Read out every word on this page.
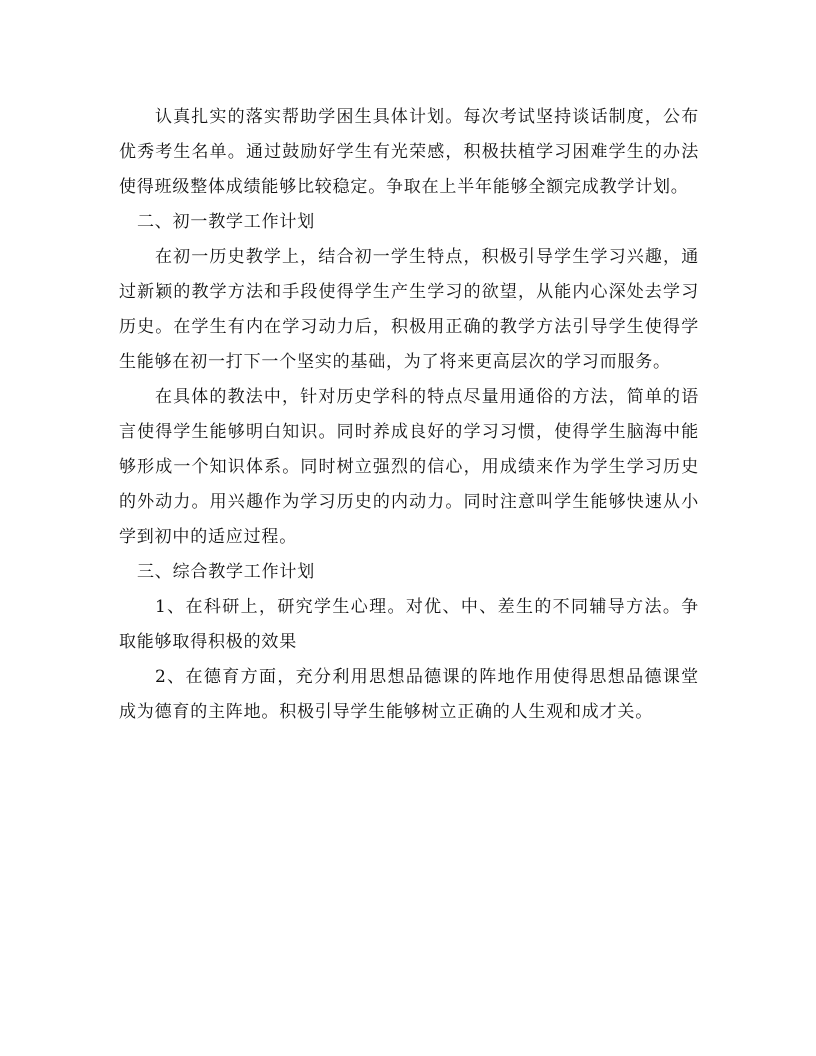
认真扎实的落实帮助学困生具体计划。每次考试坚持谈话制度，公布优秀考生名单。通过鼓励好学生有光荣感，积极扶植学习困难学生的办法使得班级整体成绩能够比较稳定。争取在上半年能够全额完成教学计划。

二、初一教学工作计划

在初一历史教学上，结合初一学生特点，积极引导学生学习兴趣，通过新颖的教学方法和手段使得学生产生学习的欲望，从能内心深处去学习历史。在学生有内在学习动力后，积极用正确的教学方法引导学生使得学生能够在初一打下一个坚实的基础，为了将来更高层次的学习而服务。

在具体的教法中，针对历史学科的特点尽量用通俗的方法，简单的语言使得学生能够明白知识。同时养成良好的学习习惯，使得学生脑海中能够形成一个知识体系。同时树立强烈的信心，用成绩来作为学生学习历史的外动力。用兴趣作为学习历史的内动力。同时注意叫学生能够快速从小学到初中的适应过程。

三、综合教学工作计划

1、在科研上，研究学生心理。对优、中、差生的不同辅导方法。争取能够取得积极的效果

2、在德育方面，充分利用思想品德课的阵地作用使得思想品德课堂成为德育的主阵地。积极引导学生能够树立正确的人生观和成才关。
